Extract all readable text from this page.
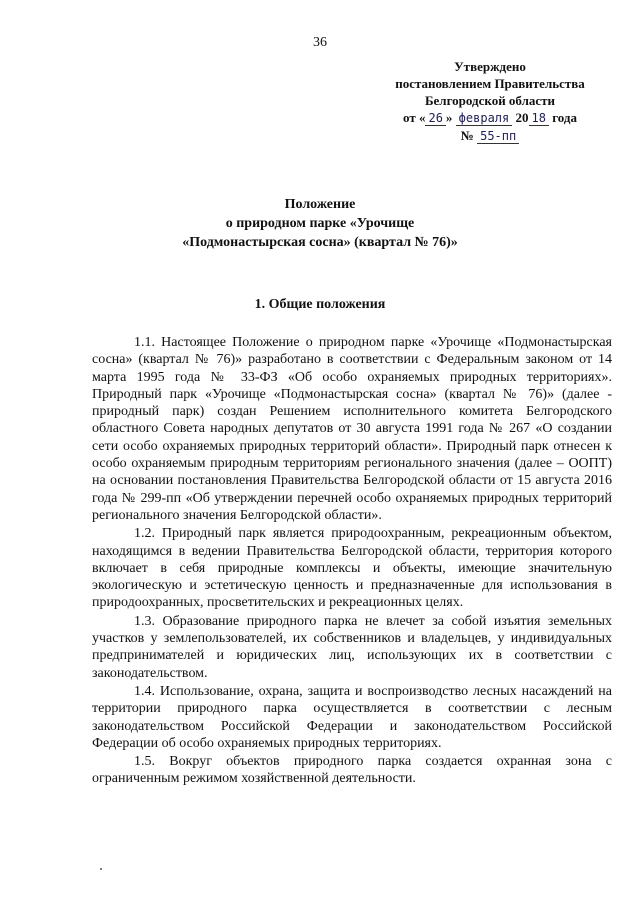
36
Утверждено
постановлением Правительства
Белгородской области
от « 26 » февраля 20 18 года
№ 55-пп
Положение
о природном парке «Урочище
«Подмонастырская сосна» (квартал № 76)»
1. Общие положения

1.1. Настоящее Положение о природном парке «Урочище «Подмонастырская сосна» (квартал № 76)» разработано в соответствии с Федеральным законом от 14 марта 1995 года № 33-ФЗ «Об особо охраняемых природных территориях». Природный парк «Урочище «Подмонастырская сосна» (квартал № 76)» (далее - природный парк) создан Решением исполнительного комитета Белгородского областного Совета народных депутатов от 30 августа 1991 года № 267 «О создании сети особо охраняемых природных территорий области». Природный парк отнесен к особо охраняемым природным территориям регионального значения (далее – ООПТ) на основании постановления Правительства Белгородской области от 15 августа 2016 года № 299-пп «Об утверждении перечней особо охраняемых природных территорий регионального значения Белгородской области».

1.2. Природный парк является природоохранным, рекреационным объектом, находящимся в ведении Правительства Белгородской области, территория которого включает в себя природные комплексы и объекты, имеющие значительную экологическую и эстетическую ценность и предназначенные для использования в природоохранных, просветительских и рекреационных целях.

1.3. Образование природного парка не влечет за собой изъятия земельных участков у землепользователей, их собственников и владельцев, у индивидуальных предпринимателей и юридических лиц, использующих их в соответствии с законодательством.

1.4. Использование, охрана, защита и воспроизводство лесных насаждений на территории природного парка осуществляется в соответствии с лесным законодательством Российской Федерации и законодательством Российской Федерации об особо охраняемых природных территориях.

1.5. Вокруг объектов природного парка создается охранная зона с ограниченным режимом хозяйственной деятельности.
